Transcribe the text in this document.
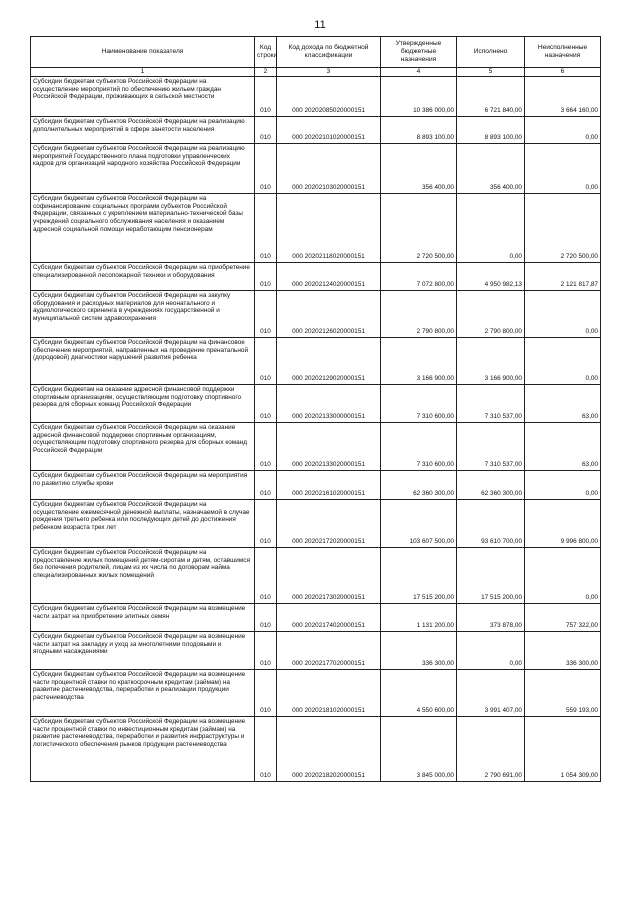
11
Наименование показателя	Код строки	Код дохода по бюджетной классификации	Утвержденные бюджетные назначения	Исполнено	Неисполненные назначения
1	2	3	4	5	6
Субсидии бюджетам субъектов Российской Федерации на осуществление мероприятий по обеспечению жильем граждан Российской Федерации, проживающих в сельской местности	010	000 20202085020000151	10 386 000,00	6 721 840,00	3 664 160,00
Субсидии бюджетам субъектов Российской Федерации на реализацию дополнительных мероприятий в сфере занятости населения	010	000 20202101020000151	8 893 100,00	8 893 100,00	0,00
Субсидии бюджетам субъектов Российской Федерации на реализацию мероприятий Государственного плана подготовки управленческих кадров для организаций народного хозяйства Российской Федерации	010	000 20202103020000151	356 400,00	356 400,00	0,00
Субсидии бюджетам субъектов Российской Федерации на софинансирование социальных программ субъектов Российской Федерации, связанных с укреплением материально-технической базы учреждений социального обслуживания населения и оказанием адресной социальной помощи неработающим пенсионерам	010	000 20202118020000151	2 720 500,00	0,00	2 720 500,00
Субсидии бюджетам субъектов Российской Федерации на приобретение специализированной лесопожарной техники и оборудования	010	000 20202124020000151	7 072 800,00	4 950 982,13	2 121 817,87
Субсидии бюджетам субъектов Российской Федерации на закупку оборудования и расходных материалов для неонатального и аудиологического скрининга в учреждениях государственной и муниципальной систем здравоохранения	010	000 20202126020000151	2 790 800,00	2 790 800,00	0,00
Субсидии бюджетам субъектов Российской Федерации на финансовое обеспечение мероприятий, направленных на проведение пренатальной (дородовой) диагностики нарушений развития ребенка	010	000 20202129020000151	3 166 900,00	3 166 900,00	0,00
Субсидии бюджетам на оказание адресной финансовой поддержки спортивным организациям, осуществляющим подготовку спортивного резерва для сборных команд Российской Федерации	010	000 20202133000000151	7 310 600,00	7 310 537,00	63,00
Субсидии бюджетам субъектов Российской Федерации на оказание адресной финансовой поддержки спортивным организациям, осуществляющим подготовку спортивного резерва для сборных команд Российской Федерации	010	000 20202133020000151	7 310 600,00	7 310 537,00	63,00
Субсидии бюджетам субъектов Российской Федерации на мероприятия по развитию службы крови	010	000 20202161020000151	62 360 300,00	62 360 300,00	0,00
Субсидии бюджетам субъектов Российской Федерации на осуществление ежемесячной денежной выплаты, назначаемой в случае рождения третьего ребенка или последующих детей до достижения ребенком возраста трех лет	010	000 20202172020000151	103 607 500,00	93 610 700,00	9 996 800,00
Субсидии бюджетам субъектов Российской Федерации на предоставление жилых помещений детям-сиротам и детям, оставшимся без попечения родителей, лицам из их числа по договорам найма специализированных жилых помещений	010	000 20202173020000151	17 515 200,00	17 515 200,00	0,00
Субсидии бюджетам субъектов Российской Федерации на возмещение части затрат на приобретение элитных семян	010	000 20202174020000151	1 131 200,00	373 878,00	757 322,00
Субсидии бюджетам субъектов Российской Федерации на возмещение части затрат на закладку и уход за многолетними плодовыми и ягодными насаждениями	010	000 20202177020000151	336 300,00	0,00	336 300,00
Субсидии бюджетам субъектов Российской Федерации на возмещение части процентной ставки по краткосрочным кредитам (займам) на развитие растениеводства, переработки и реализации продукции растениеводства	010	000 20202181020000151	4 550 600,00	3 991 407,00	559 193,00
Субсидии бюджетам субъектов Российской Федерации на возмещение части процентной ставки по инвестиционным кредитам (займам) на развитие растениеводства, переработки и развития инфраструктуры и логистического обеспечения рынков продукции растениеводства	010	000 20202182020000151	3 845 000,00	2 790 691,00	1 054 309,00
